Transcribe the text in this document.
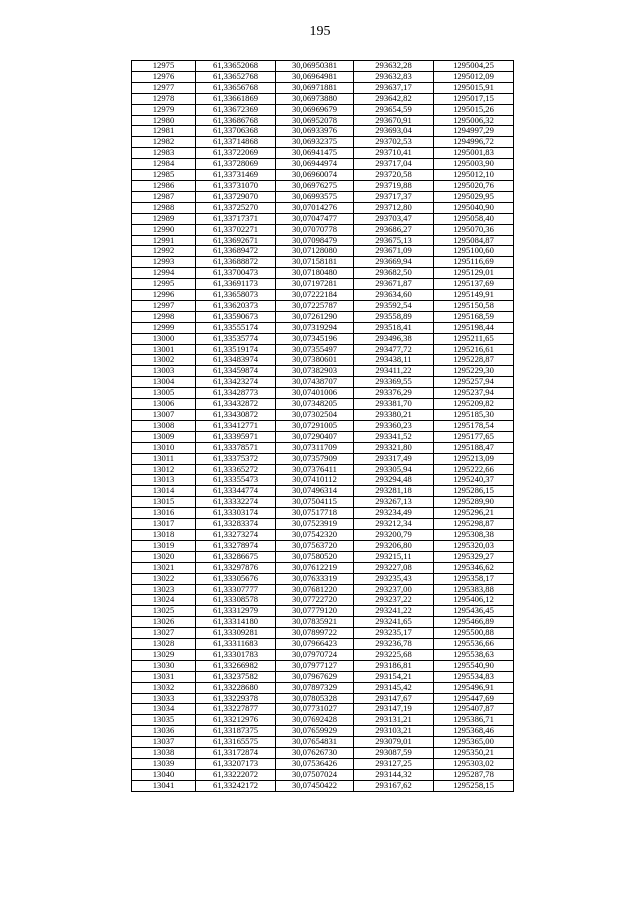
195
12975	61,33652068	30,06950381	293632,28	1295004,25
12976	61,33652768	30,06964981	293632,83	1295012,09
12977	61,33656768	30,06971881	293637,17	1295015,91
12978	61,33661869	30,06973880	293642,82	1295017,15
12979	61,33672369	30,06969679	293654,59	1295015,26
12980	61,33686768	30,06952078	293670,91	1295006,32
12981	61,33706368	30,06933976	293693,04	1294997,29
12982	61,33714868	30,06932375	293702,53	1294996,72
12983	61,33722069	30,06941475	293710,41	1295001,83
12984	61,33728069	30,06944974	293717,04	1295003,90
12985	61,33731469	30,06960074	293720,58	1295012,10
12986	61,33731070	30,06976275	293719,88	1295020,76
12987	61,33729070	30,06993575	293717,37	1295029,95
12988	61,33725270	30,07014276	293712,80	1295040,90
12989	61,33717371	30,07047477	293703,47	1295058,40
12990	61,33702271	30,07070778	293686,27	1295070,36
12991	61,33692671	30,07098479	293675,13	1295084,87
12992	61,33689472	30,07128080	293671,09	1295100,60
12993	61,33688872	30,07158181	293669,94	1295116,69
12994	61,33700473	30,07180480	293682,50	1295129,01
12995	61,33691173	30,07197281	293671,87	1295137,69
12996	61,33658073	30,07222184	293634,60	1295149,91
12997	61,33620373	30,07225787	293592,54	1295150,58
12998	61,33590673	30,07261290	293558,89	1295168,59
12999	61,33555174	30,07319294	293518,41	1295198,44
13000	61,33535774	30,07345196	293496,38	1295211,65
13001	61,33519174	30,07355497	293477,72	1295216,61
13002	61,33483974	30,07380601	293438,11	1295228,87
13003	61,33459874	30,07382903	293411,22	1295229,30
13004	61,33423274	30,07438707	293369,55	1295257,94
13005	61,33428773	30,07401006	293376,29	1295237,94
13006	61,33432872	30,07348205	293381,70	1295209,82
13007	61,33430872	30,07302504	293380,21	1295185,30
13008	61,33412771	30,07291005	293360,23	1295178,54
13009	61,33395971	30,07290407	293341,52	1295177,65
13010	61,33378571	30,07311709	293321,80	1295188,47
13011	61,33375372	30,07357909	293317,49	1295213,09
13012	61,33365272	30,07376411	293305,94	1295222,66
13013	61,33355473	30,07410112	293294,48	1295240,37
13014	61,33344774	30,07496314	293281,18	1295286,15
13015	61,33332274	30,07504115	293267,13	1295289,90
13016	61,33303174	30,07517718	293234,49	1295296,21
13017	61,33283374	30,07523919	293212,34	1295298,87
13018	61,33273274	30,07542320	293200,79	1295308,38
13019	61,33278974	30,07563720	293206,80	1295320,03
13020	61,33286675	30,07580520	293215,11	1295329,27
13021	61,33297876	30,07612219	293227,08	1295346,62
13022	61,33305676	30,07633319	293235,43	1295358,17
13023	61,33307777	30,07681220	293237,00	1295383,88
13024	61,33308578	30,07722720	293237,22	1295406,12
13025	61,33312979	30,07779120	293241,22	1295436,45
13026	61,33314180	30,07835921	293241,65	1295466,89
13027	61,33309281	30,07899722	293235,17	1295500,88
13028	61,33311683	30,07966423	293236,78	1295536,66
13029	61,33301783	30,07970724	293225,68	1295538,63
13030	61,33266982	30,07977127	293186,81	1295540,90
13031	61,33237582	30,07967629	293154,21	1295534,83
13032	61,33228680	30,07897329	293145,42	1295496,91
13033	61,33229378	30,07805328	293147,67	1295447,69
13034	61,33227877	30,07731027	293147,19	1295407,87
13035	61,33212976	30,07692428	293131,21	1295386,71
13036	61,33187375	30,07659929	293103,21	1295368,46
13037	61,33165575	30,07654831	293079,01	1295365,00
13038	61,33172874	30,07626730	293087,59	1295350,21
13039	61,33207173	30,07536426	293127,25	1295303,02
13040	61,33222072	30,07507024	293144,32	1295287,78
13041	61,33242172	30,07450422	293167,62	1295258,15
